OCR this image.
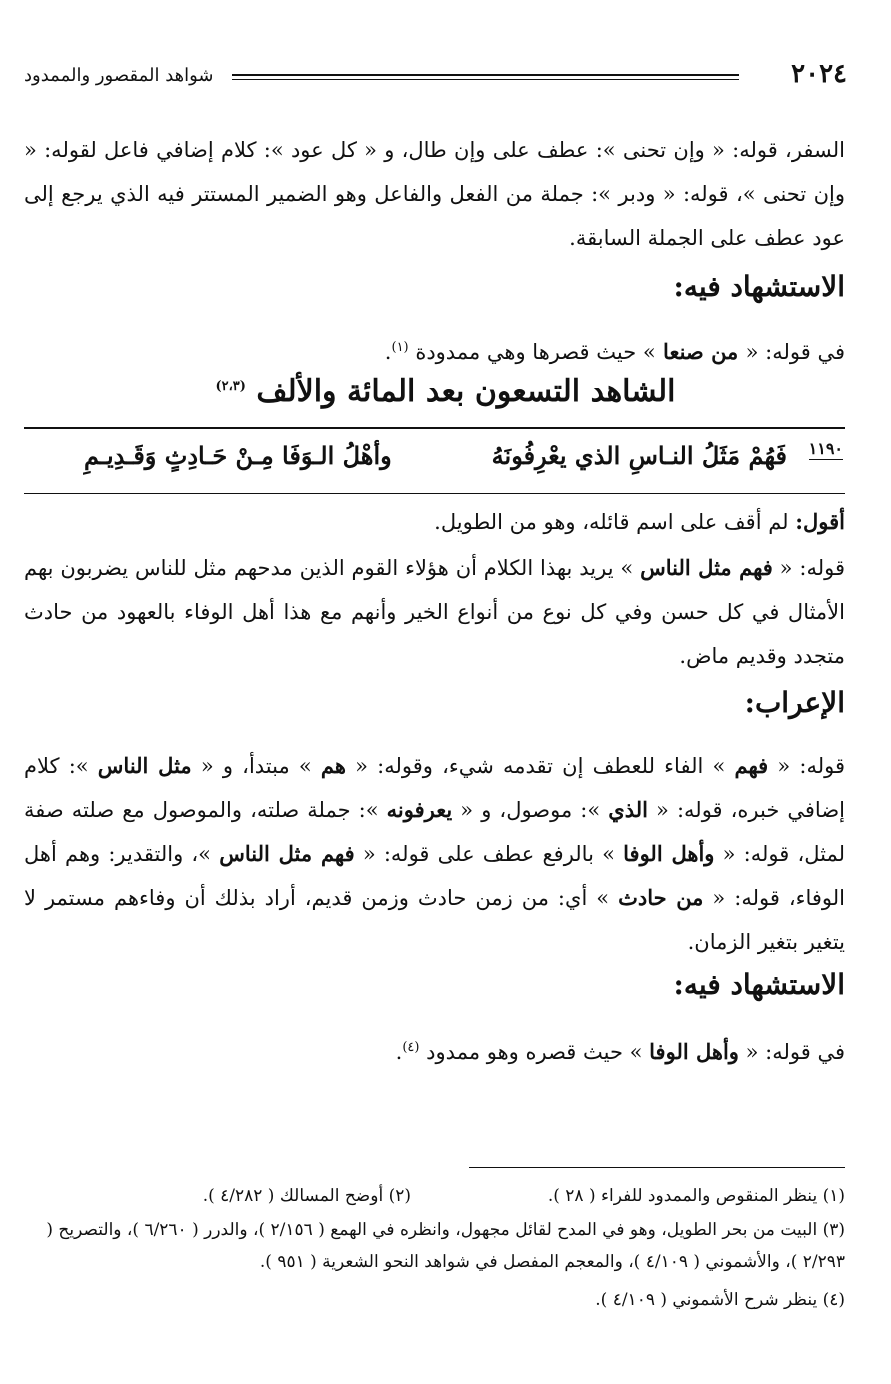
شواهد المقصور والممدود	٢٠٢٤

السفر، قوله: « وإن تحنى »: عطف على وإن طال، و « كل عود »: كلام إضافي فاعل لقوله: « وإن تحنى »، قوله: « ودبر »: جملة من الفعل والفاعل وهو الضمير المستتر فيه الذي يرجع إلى عود عطف على الجملة السابقة.

الاستشهاد فيه:

في قوله: « من صنعا » حيث قصرها وهي ممدودة $^{(١)}$.

الشاهد التسعون بعد المائة والألف $^{(٢،٣)}$
١١٩٠
فَهُمْ مَثَلُ النـاسِ الذي يعْرِفُونَهُ
وأهْلُ الـوَفَا مِـنْ حَـادِثٍ وَقَـدِيـمِ

أقول: لم أقف على اسم قائله، وهو من الطويل.

قوله: « فهم مثل الناس » يريد بهذا الكلام أن هؤلاء القوم الذين مدحهم مثل للناس يضربون بهم الأمثال في كل حسن وفي كل نوع من أنواع الخير وأنهم مع هذا أهل الوفاء بالعهود من حادث متجدد وقديم ماض.

الإعراب:

قوله: « فهم » الفاء للعطف إن تقدمه شيء، وقوله: « هم » مبتدأ، و « مثل الناس »: كلام إضافي خبره، قوله: « الذي »: موصول، و « يعرفونه »: جملة صلته، والموصول مع صلته صفة لمثل، قوله: « وأهل الوفا » بالرفع عطف على قوله: « فهم مثل الناس »، والتقدير: وهم أهل الوفاء، قوله: « من حادث » أي: من زمن حادث وزمن قديم، أراد بذلك أن وفاءهم مستمر لا يتغير بتغير الزمان.

الاستشهاد فيه:

في قوله: « وأهل الوفا » حيث قصره وهو ممدود $^{(٤)}$.

(١) ينظر المنقوص والممدود للفراء ( ٢٨ ).
(٢) أوضح المسالك ( ٤/٢٨٢ ).

(٣) البيت من بحر الطويل، وهو في المدح لقائل مجهول، وانظره في الهمع ( ٢/١٥٦ )، والدرر ( ٦/٢٦٠ )، والتصريح ( ٢/٢٩٣ )، والأشموني ( ٤/١٠٩ )، والمعجم المفصل في شواهد النحو الشعرية ( ٩٥١ ).

(٤) ينظر شرح الأشموني ( ٤/١٠٩ ).
